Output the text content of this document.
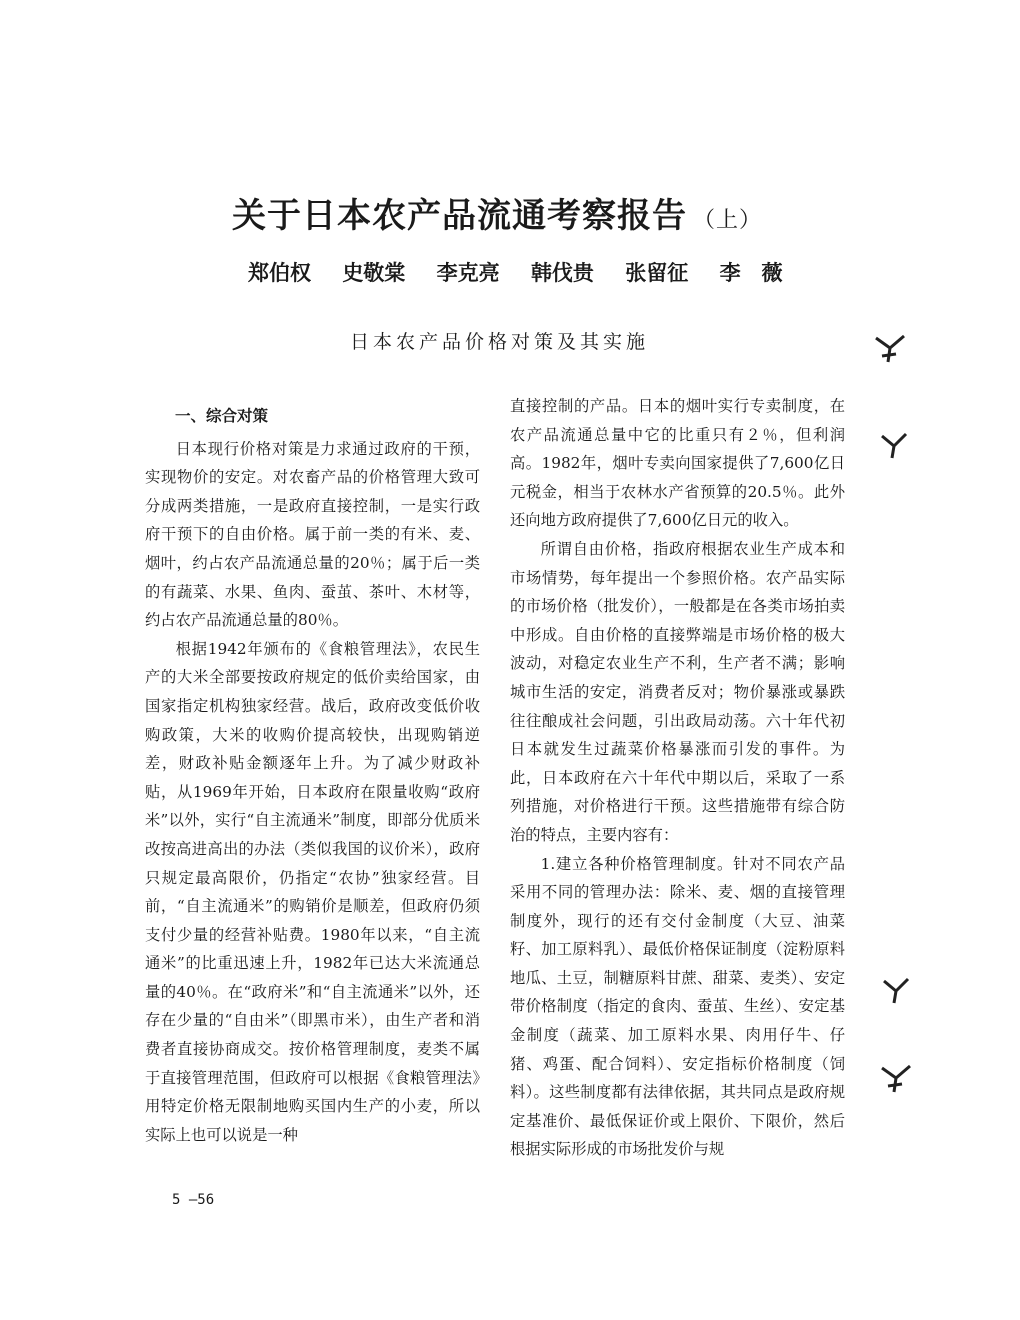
关于日本农产品流通考察报告 （上）
郑伯权 史敬棠 李克亮 韩伐贵 张留征 李　薇
日本农产品价格对策及其实施
一、综合对策

日本现行价格对策是力求通过政府的干预，实现物价的安定。对农畜产品的价格管理大致可分成两类措施，一是政府直接控制，一是实行政府干预下的自由价格。属于前一类的有米、麦、烟叶，约占农产品流通总量的20％；属于后一类的有蔬菜、水果、鱼肉、蚕茧、茶叶、木材等，约占农产品流通总量的80％。

根据1942年颁布的《食粮管理法》，农民生产的大米全部要按政府规定的低价卖给国家，由国家指定机构独家经营。战后，政府改变低价收购政策，大米的收购价提高较快，出现购销逆差，财政补贴金额逐年上升。为了减少财政补贴，从1969年开始，日本政府在限量收购“政府米”以外，实行“自主流通米”制度，即部分优质米改按高进高出的办法（类似我国的议价米），政府只规定最高限价，仍指定“农协”独家经营。目前，“自主流通米”的购销价是顺差，但政府仍须支付少量的经营补贴费。1980年以来，“自主流通米”的比重迅速上升，1982年已达大米流通总量的40％。在“政府米”和“自主流通米”以外，还存在少量的“自由米”（即黑市米），由生产者和消费者直接协商成交。按价格管理制度，麦类不属于直接管理范围，但政府可以根据《食粮管理法》用特定价格无限制地购买国内生产的小麦，所以实际上也可以说是一种

直接控制的产品。日本的烟叶实行专卖制度，在农产品流通总量中它的比重只有２％，但利润高。1982年，烟叶专卖向国家提供了7,600亿日元税金，相当于农林水产省预算的20.5％。此外还向地方政府提供了7,600亿日元的收入。

所谓自由价格，指政府根据农业生产成本和市场情势，每年提出一个参照价格。农产品实际的市场价格（批发价），一般都是在各类市场拍卖中形成。自由价格的直接弊端是市场价格的极大波动，对稳定农业生产不利，生产者不满；影响城市生活的安定，消费者反对；物价暴涨或暴跌往往酿成社会问题，引出政局动荡。六十年代初日本就发生过蔬菜价格暴涨而引发的事件。为此，日本政府在六十年代中期以后，采取了一系列措施，对价格进行干预。这些措施带有综合防治的特点，主要内容有：

1.建立各种价格管理制度。针对不同农产品采用不同的管理办法：除米、麦、烟的直接管理制度外，现行的还有交付金制度（大豆、油菜籽、加工原料乳）、最低价格保证制度（淀粉原料地瓜、土豆，制糖原料甘蔗、甜菜、麦类）、安定带价格制度（指定的食肉、蚕茧、生丝）、安定基金制度（蔬菜、加工原料水果、肉用仔牛、仔猪、鸡蛋、配合饲料）、安定指标价格制度（饲料）。这些制度都有法律依据，其共同点是政府规定基准价、最低保证价或上限价、下限价，然后根据实际形成的市场批发价与规

5 —56
